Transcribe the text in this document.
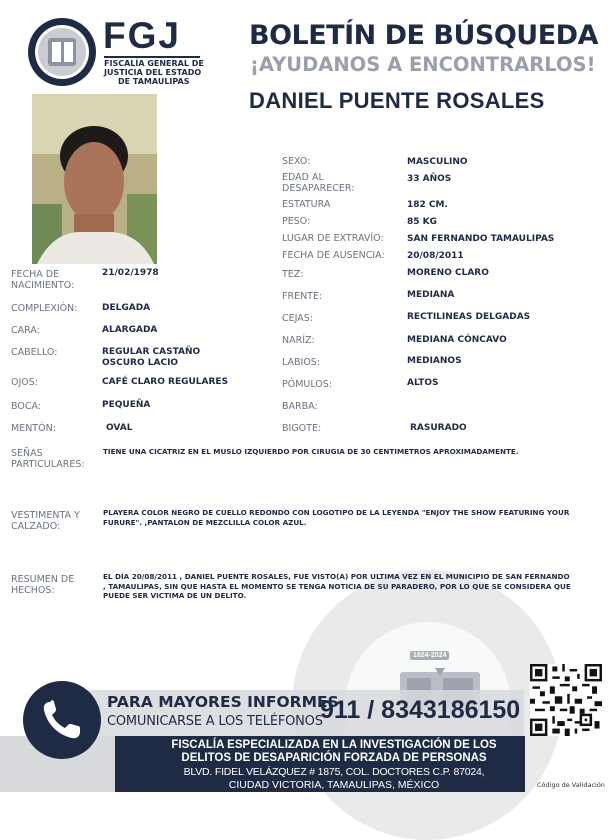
1824-2024
FGJ
FISCALÍA GENERAL DE
JUSTICIA DEL ESTADO
DE TAMAULIPAS
BOLETÍN DE BÚSQUEDA
¡AYUDANOS A ENCONTRARLOS!
DANIEL PUENTE ROSALES
SEXO:	MASCULINO
EDAD AL
DESAPARECER:
33 AÑOS
ESTATURA	182 CM.
PESO:	85 KG
LUGAR DE EXTRAVÍO:	SAN FERNANDO TAMAULIPAS
FECHA DE AUSENCIA: 20/08/2011
TEZ:	MORENO CLARO
FRENTE:	MEDIANA
CEJAS:	RECTILINEAS DELGADAS
NARÍZ:	MEDIANA CÓNCAVO
LABIOS:	MEDIANOS
PÓMULOS:	ALTOS
BARBA:
BIGOTE:	RASURADO
FECHA DE
NACIMIENTO:
21/02/1978
COMPLEXIÓN:	DELGADA
CARA:	ALARGADA
CABELLO:	REGULAR CASTAÑO
OSCURO LACIO
OJOS:	CAFÉ CLARO REGULARES
BOCA:	PEQUEÑA
MENTÓN:	OVAL
SEÑAS
PARTICULARES:
TIENE UNA CICATRIZ EN EL MUSLO IZQUIERDO POR CIRUGIA DE 30 CENTIMETROS APROXIMADAMENTE.
VESTIMENTA Y
CALZADO:
PLAYERA COLOR NEGRO DE CUELLO REDONDO CON LOGOTIPO DE LA LEYENDA "ENJOY THE SHOW FEATURING YOUR FURURE". ,PANTALON DE MEZCLILLA COLOR AZUL.
RESUMEN DE
HECHOS:
EL DÍA 20/08/2011 , DANIEL PUENTE ROSALES, FUE VISTO(A) POR ULTIMA VEZ EN EL MUNICIPIO DE SAN FERNANDO , TAMAULIPAS, SIN QUE HASTA EL MOMENTO SE TENGA NOTICIA DE SU PARADERO, POR LO QUE SE CONSIDERA QUE PUEDE SER VICTIMA DE UN DELITO.
PARA MAYORES INFORMES,
COMUNICARSE A LOS TELÉFONOS
911 / 8343186150
FISCALÍA ESPECIALIZADA EN LA INVESTIGACIÓN DE LOS
DELITOS DE DESAPARICIÓN FORZADA DE PERSONAS
BLVD. FIDEL VELÁZQUEZ # 1875, COL. DOCTORES C.P. 87024,
CIUDAD VICTORIA, TAMAULIPAS, MÉXICO	Código de Validación
